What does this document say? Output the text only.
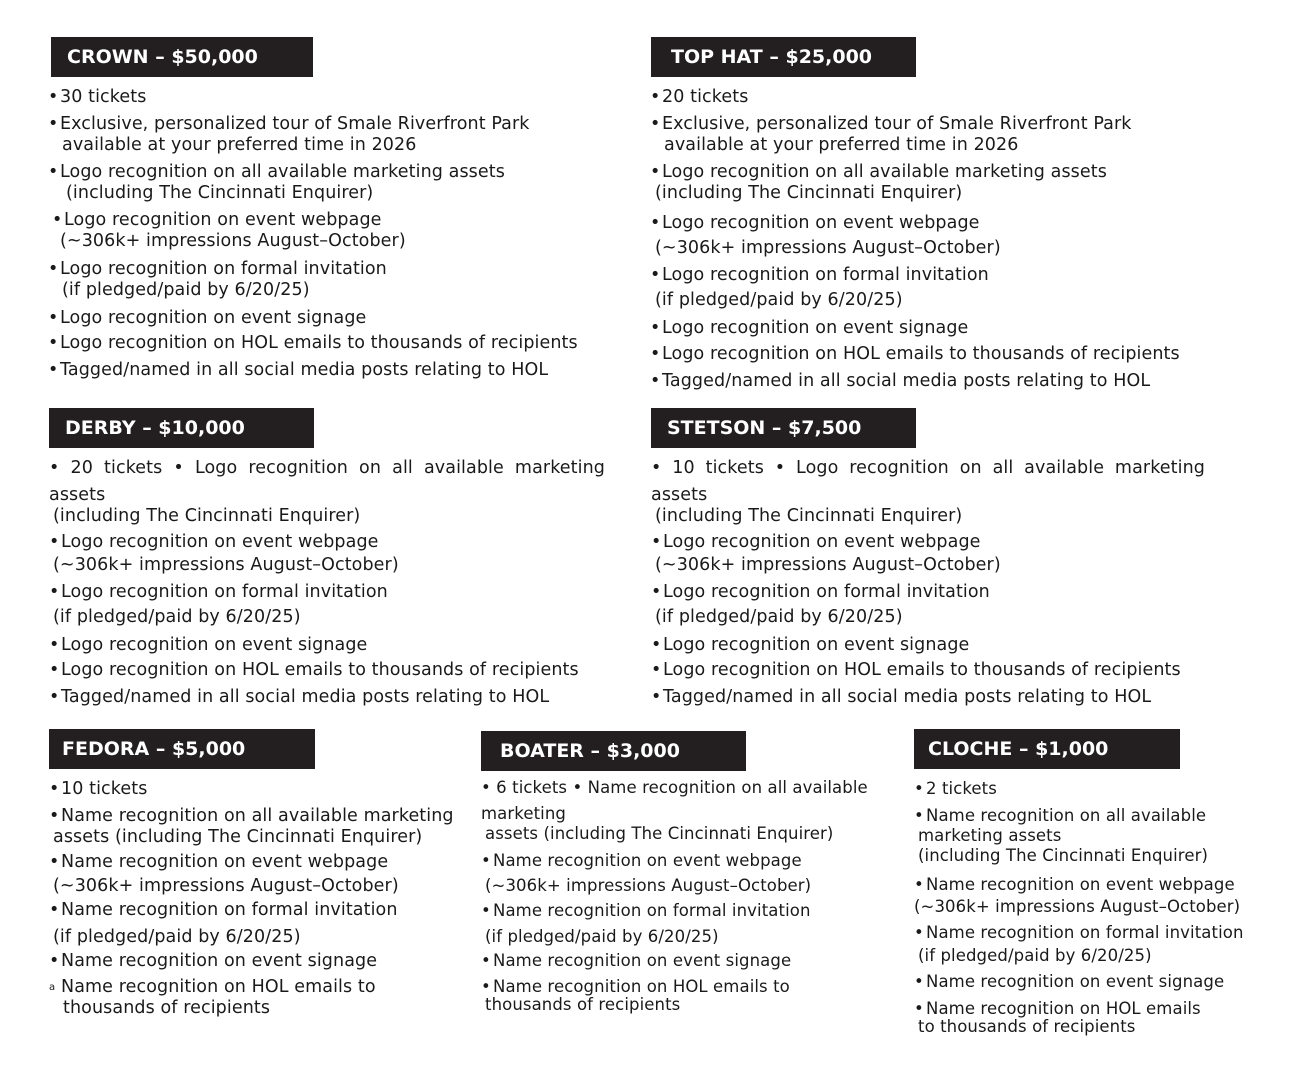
CROWN – $50,000
•30 tickets
•Exclusive, personalized tour of Smale Riverfront Park
available at your preferred time in 2026
•Logo recognition on all available marketing assets
(including The Cincinnati Enquirer)
•Logo recognition on event webpage
(~306k+ impressions August–October)
•Logo recognition on formal invitation
(if pledged/paid by 6/20/25)
•Logo recognition on event signage
•Logo recognition on HOL emails to thousands of recipients
•Tagged/named in all social media posts relating to HOL
TOP HAT – $25,000
•20 tickets
•Exclusive, personalized tour of Smale Riverfront Park
available at your preferred time in 2026
•Logo recognition on all available marketing assets
(including The Cincinnati Enquirer)
•Logo recognition on event webpage
(~306k+ impressions August–October)
•Logo recognition on formal invitation
(if pledged/paid by 6/20/25)
•Logo recognition on event signage
•Logo recognition on HOL emails to thousands of recipients
•Tagged/named in all social media posts relating to HOL
DERBY – $10,000
• 20 tickets • Logo recognition on all available marketing
assets
(including The Cincinnati Enquirer)
•Logo recognition on event webpage
(~306k+ impressions August–October)
•Logo recognition on formal invitation
(if pledged/paid by 6/20/25)
•Logo recognition on event signage
•Logo recognition on HOL emails to thousands of recipients
•Tagged/named in all social media posts relating to HOL
STETSON – $7,500
• 10 tickets • Logo recognition on all available marketing
assets
(including The Cincinnati Enquirer)
•Logo recognition on event webpage
(~306k+ impressions August–October)
•Logo recognition on formal invitation
(if pledged/paid by 6/20/25)
•Logo recognition on event signage
•Logo recognition on HOL emails to thousands of recipients
•Tagged/named in all social media posts relating to HOL
FEDORA – $5,000
•10 tickets
•Name recognition on all available marketing
assets (including The Cincinnati Enquirer)
•Name recognition on event webpage
(~306k+ impressions August–October)
•Name recognition on formal invitation
(if pledged/paid by 6/20/25)
•Name recognition on event signage
a Name recognition on HOL emails to
thousands of recipients
BOATER – $3,000
• 6 tickets • Name recognition on all available
marketing
assets (including The Cincinnati Enquirer)
• Name recognition on event webpage
(~306k+ impressions August–October)
• Name recognition on formal invitation
(if pledged/paid by 6/20/25)
• Name recognition on event signage
• Name recognition on HOL emails to
thousands of recipients
CLOCHE – $1,000
• 2 tickets
• Name recognition on all available
marketing assets
(including The Cincinnati Enquirer)
• Name recognition on event webpage
(~306k+ impressions August–October)
• Name recognition on formal invitation
(if pledged/paid by 6/20/25)
• Name recognition on event signage
• Name recognition on HOL emails
to thousands of recipients
